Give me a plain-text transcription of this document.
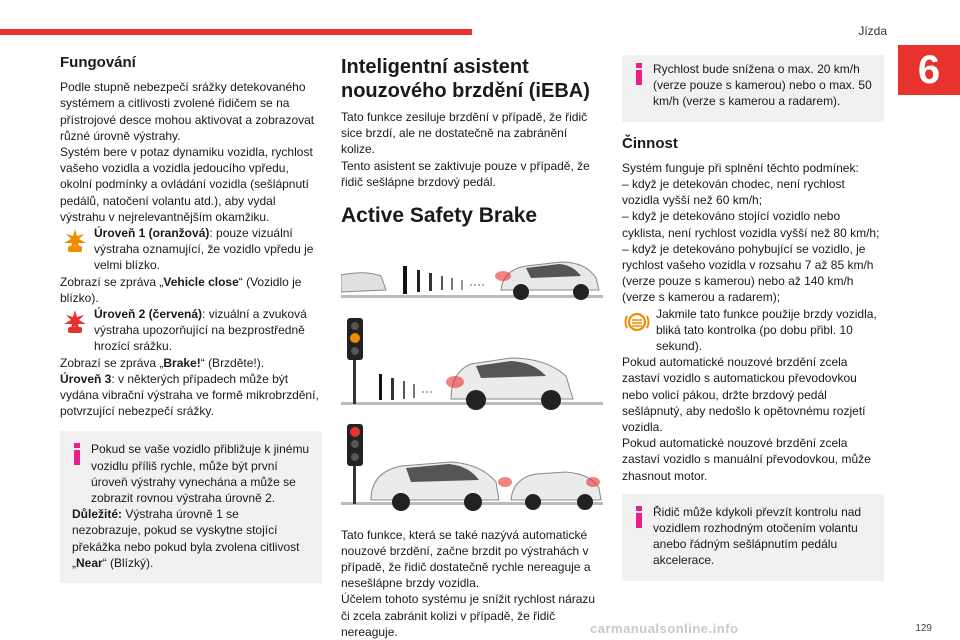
Jízda
6
Fungování

Podle stupně nebezpečí srážky detekovaného systémem a citlivosti zvolené řidičem se na přístrojové desce mohou aktivovat a zobrazovat různé úrovně výstrahy.

Systém bere v potaz dynamiku vozidla, rychlost vašeho vozidla a vozidla jedoucího vpředu, okolní podmínky a ovládání vozidla (sešlápnutí pedálů, natočení volantu atd.), aby vydal výstrahu v nejrelevantnějším okamžiku.

Úroveň 1 (oranžová): pouze vizuální výstraha oznamující, že vozidlo vpředu je velmi blízko.

Zobrazí se zpráva „Vehicle close“ (Vozidlo je blízko).

Úroveň 2 (červená): vizuální a zvuková výstraha upozorňující na bezprostředně hrozící srážku.

Zobrazí se zpráva „Brake!“ (Brzděte!).

Úroveň 3: v některých případech může být vydána vibrační výstraha ve formě mikrobrzdění, potvrzující nebezpečí srážky.

Pokud se vaše vozidlo přibližuje k jinému vozidlu příliš rychle, může být první úroveň výstrahy vynechána a může se zobrazit rovnou výstraha úrovně 2.

Důležité: Výstraha úrovně 1 se nezobrazuje, pokud se vyskytne stojící překážka nebo pokud byla zvolena citlivost „Near“ (Blízký).

Inteligentní asistent nouzového brzdění (iEBA)

Tato funkce zesiluje brzdění v případě, že řidič sice brzdí, ale ne dostatečně na zabránění kolize.

Tento asistent se zaktivuje pouze v případě, že řidič sešlápne brzdový pedál.

Active Safety Brake

Tato funkce, která se také nazývá automatické nouzové brzdění, začne brzdit po výstrahách v případě, že řidič dostatečně rychle nereaguje a nesešlápne brzdy vozidla.

Účelem tohoto systému je snížit rychlost nárazu či zcela zabránit kolizi v případě, že řidič nereaguje.

Rychlost bude snížena o max. 20 km/h (verze pouze s kamerou) nebo o max. 50 km/h (verze s kamerou a radarem).

Činnost

Systém funguje při splnění těchto podmínek:

– když je detekován chodec, není rychlost vozidla vyšší než 60 km/h;

– když je detekováno stojící vozidlo nebo cyklista, není rychlost vozidla vyšší než 80 km/h;

– když je detekováno pohybující se vozidlo, je rychlost vašeho vozidla v rozsahu 7 až 85 km/h (verze pouze s kamerou) nebo až 140 km/h (verze s kamerou a radarem);

Jakmile tato funkce použije brzdy vozidla, bliká tato kontrolka (po dobu přibl. 10 sekund).

Pokud automatické nouzové brzdění zcela zastaví vozidlo s automatickou převodovkou nebo volicí pákou, držte brzdový pedál sešlápnutý, aby nedošlo k opětovnému rozjetí vozidla.

Pokud automatické nouzové brzdění zcela zastaví vozidlo s manuální převodovkou, může zhasnout motor.

Řidič může kdykoli převzít kontrolu nad vozidlem rozhodným otočením volantu anebo řádným sešlápnutím pedálu akcelerace.

carmanualsonline.info	129
